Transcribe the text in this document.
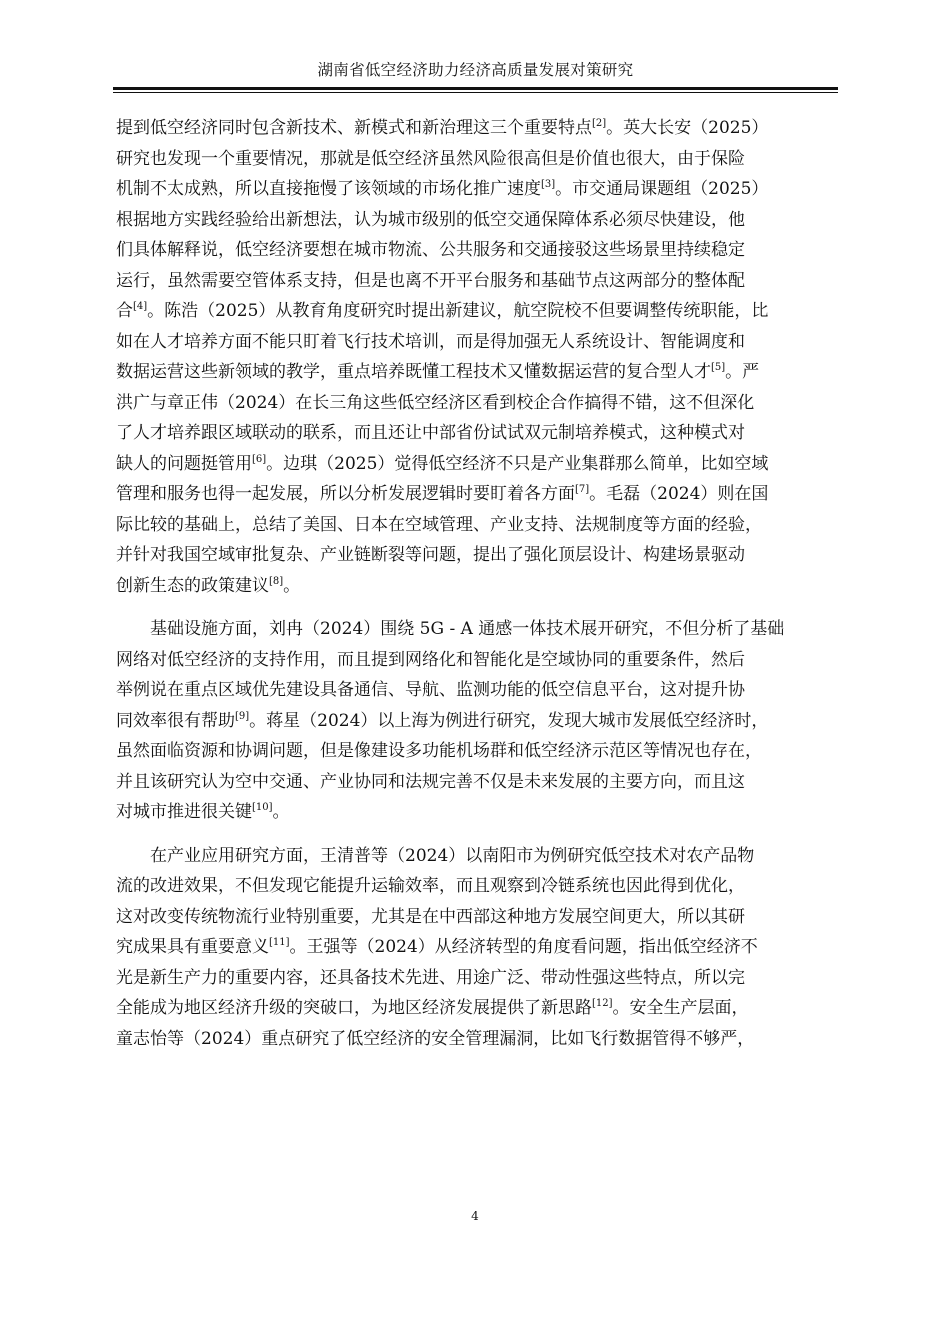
湖南省低空经济助力经济高质量发展对策研究

提到低空经济同时包含新技术、新模式和新治理这三个重要特点[2]。英大长安（2025）
研究也发现一个重要情况，那就是低空经济虽然风险很高但是价值也很大，由于保险
机制不太成熟，所以直接拖慢了该领域的市场化推广速度[3]。市交通局课题组（2025）
根据地方实践经验给出新想法，认为城市级别的低空交通保障体系必须尽快建设，他
们具体解释说，低空经济要想在城市物流、公共服务和交通接驳这些场景里持续稳定
运行，虽然需要空管体系支持，但是也离不开平台服务和基础节点这两部分的整体配
合[4]。陈浩（2025）从教育角度研究时提出新建议，航空院校不但要调整传统职能，比
如在人才培养方面不能只盯着飞行技术培训，而是得加强无人系统设计、智能调度和
数据运营这些新领域的教学，重点培养既懂工程技术又懂数据运营的复合型人才[5]。严
洪广与章正伟（2024）在长三角这些低空经济区看到校企合作搞得不错，这不但深化
了人才培养跟区域联动的联系，而且还让中部省份试试双元制培养模式，这种模式对
缺人的问题挺管用[6]。边琪（2025）觉得低空经济不只是产业集群那么简单，比如空域
管理和服务也得一起发展，所以分析发展逻辑时要盯着各方面[7]。毛磊（2024）则在国
际比较的基础上，总结了美国、日本在空域管理、产业支持、法规制度等方面的经验，
并针对我国空域审批复杂、产业链断裂等问题，提出了强化顶层设计、构建场景驱动
创新生态的政策建议[8]。

　　基础设施方面，刘冉（2024）围绕 5G - A 通感一体技术展开研究，不但分析了基础
网络对低空经济的支持作用，而且提到网络化和智能化是空域协同的重要条件，然后
举例说在重点区域优先建设具备通信、导航、监测功能的低空信息平台，这对提升协
同效率很有帮助[9]。蒋星（2024）以上海为例进行研究，发现大城市发展低空经济时，
虽然面临资源和协调问题，但是像建设多功能机场群和低空经济示范区等情况也存在，
并且该研究认为空中交通、产业协同和法规完善不仅是未来发展的主要方向，而且这
对城市推进很关键[10]。

　　在产业应用研究方面，王清普等（2024）以南阳市为例研究低空技术对农产品物
流的改进效果，不但发现它能提升运输效率，而且观察到冷链系统也因此得到优化，
这对改变传统物流行业特别重要，尤其是在中西部这种地方发展空间更大，所以其研
究成果具有重要意义[11]。王强等（2024）从经济转型的角度看问题，指出低空经济不
光是新生产力的重要内容，还具备技术先进、用途广泛、带动性强这些特点，所以完
全能成为地区经济升级的突破口，为地区经济发展提供了新思路[12]。安全生产层面，
童志怡等（2024）重点研究了低空经济的安全管理漏洞，比如飞行数据管得不够严，

4
